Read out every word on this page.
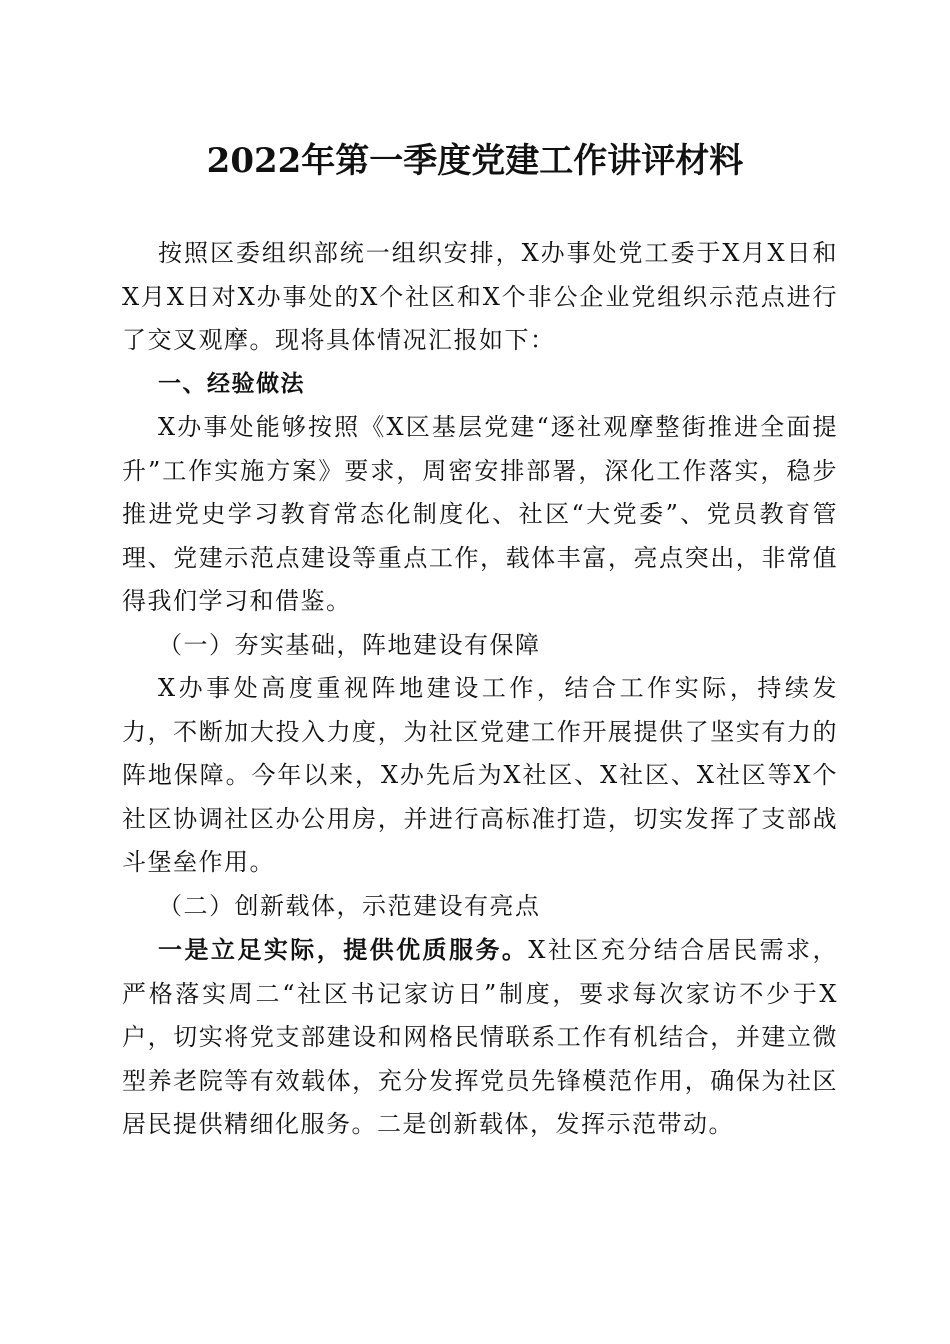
2022年第一季度党建工作讲评材料

按照区委组织部统一组织安排，X办事处党工委于X月X日和X月X日对X办事处的X个社区和X个非公企业党组织示范点进行了交叉观摩。现将具体情况汇报如下：

一、经验做法

X办事处能够按照《X区基层党建“逐社观摩整街推进全面提升”工作实施方案》要求，周密安排部署，深化工作落实，稳步推进党史学习教育常态化制度化、社区“大党委”、党员教育管理、党建示范点建设等重点工作，载体丰富，亮点突出，非常值得我们学习和借鉴。

（一）夯实基础，阵地建设有保障

X办事处高度重视阵地建设工作，结合工作实际，持续发力，不断加大投入力度，为社区党建工作开展提供了坚实有力的阵地保障。今年以来，X办先后为X社区、X社区、X社区等X个社区协调社区办公用房，并进行高标准打造，切实发挥了支部战斗堡垒作用。

（二）创新载体，示范建设有亮点

一是立足实际，提供优质服务。X社区充分结合居民需求，严格落实周二“社区书记家访日”制度，要求每次家访不少于X户，切实将党支部建设和网格民情联系工作有机结合，并建立微型养老院等有效载体，充分发挥党员先锋模范作用，确保为社区居民提供精细化服务。二是创新载体，发挥示范带动。
